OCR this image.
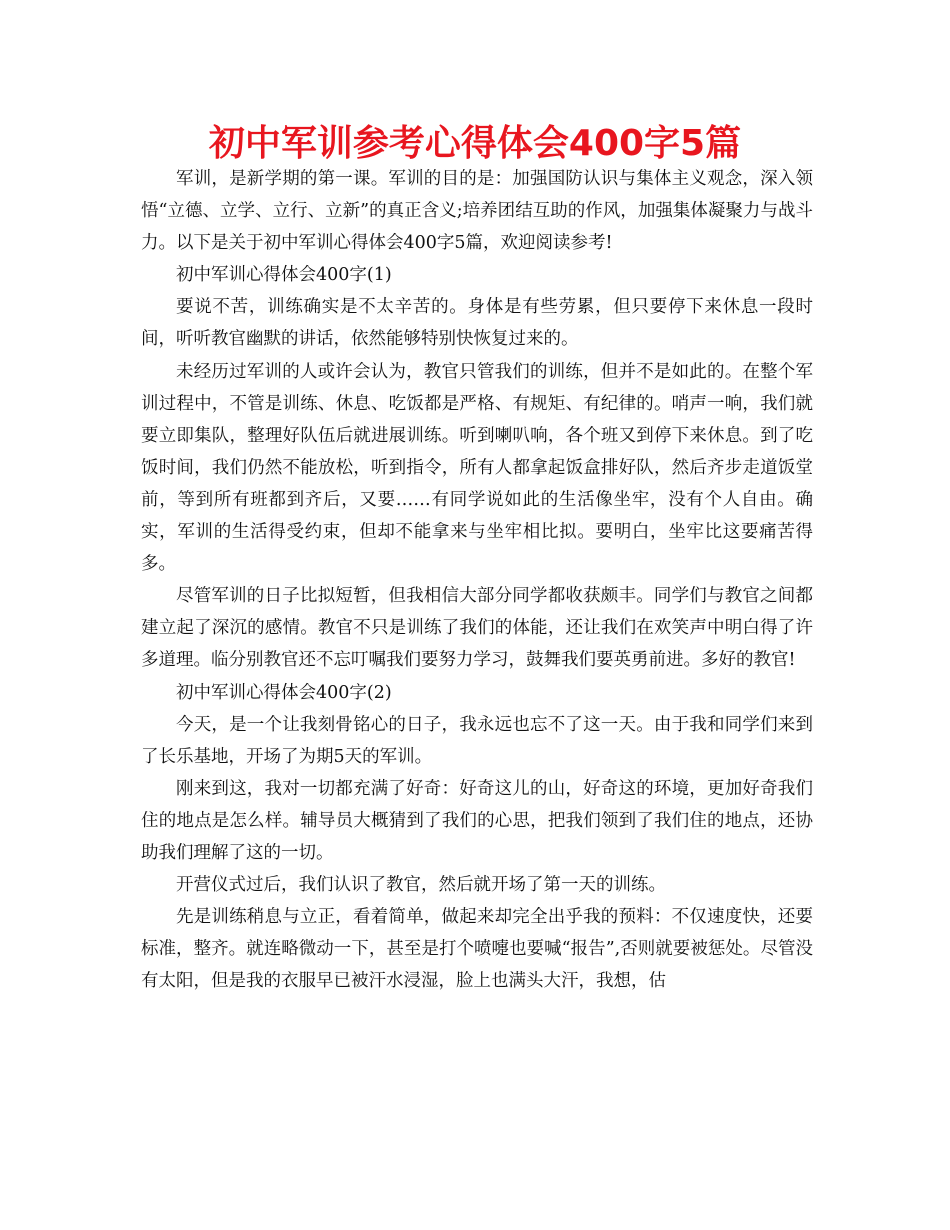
初中军训参考心得体会400字5篇

军训，是新学期的第一课。军训的目的是：加强国防认识与集体主义观念，深入领悟“立德、立学、立行、立新”的真正含义;培养团结互助的作风，加强集体凝聚力与战斗力。以下是关于初中军训心得体会400字5篇，欢迎阅读参考!

初中军训心得体会400字(1)

要说不苦，训练确实是不太辛苦的。身体是有些劳累，但只要停下来休息一段时间，听听教官幽默的讲话，依然能够特别快恢复过来的。

未经历过军训的人或许会认为，教官只管我们的训练，但并不是如此的。在整个军训过程中，不管是训练、休息、吃饭都是严格、有规矩、有纪律的。哨声一响，我们就要立即集队，整理好队伍后就进展训练。听到喇叭响，各个班又到停下来休息。到了吃饭时间，我们仍然不能放松，听到指令，所有人都拿起饭盒排好队，然后齐步走道饭堂前，等到所有班都到齐后，又要……有同学说如此的生活像坐牢，没有个人自由。确实，军训的生活得受约束，但却不能拿来与坐牢相比拟。要明白，坐牢比这要痛苦得多。

尽管军训的日子比拟短暂，但我相信大部分同学都收获颇丰。同学们与教官之间都建立起了深沉的感情。教官不只是训练了我们的体能，还让我们在欢笑声中明白得了许多道理。临分别教官还不忘叮嘱我们要努力学习，鼓舞我们要英勇前进。多好的教官!

初中军训心得体会400字(2)

今天，是一个让我刻骨铭心的日子，我永远也忘不了这一天。由于我和同学们来到了长乐基地，开场了为期5天的军训。

刚来到这，我对一切都充满了好奇：好奇这儿的山，好奇这的环境，更加好奇我们住的地点是怎么样。辅导员大概猜到了我们的心思，把我们领到了我们住的地点，还协助我们理解了这的一切。

开营仪式过后，我们认识了教官，然后就开场了第一天的训练。

先是训练稍息与立正，看着简单，做起来却完全出乎我的预料：不仅速度快，还要标准，整齐。就连略微动一下，甚至是打个喷嚏也要喊“报告”,否则就要被惩处。尽管没有太阳，但是我的衣服早已被汗水浸湿，脸上也满头大汗，我想，估
